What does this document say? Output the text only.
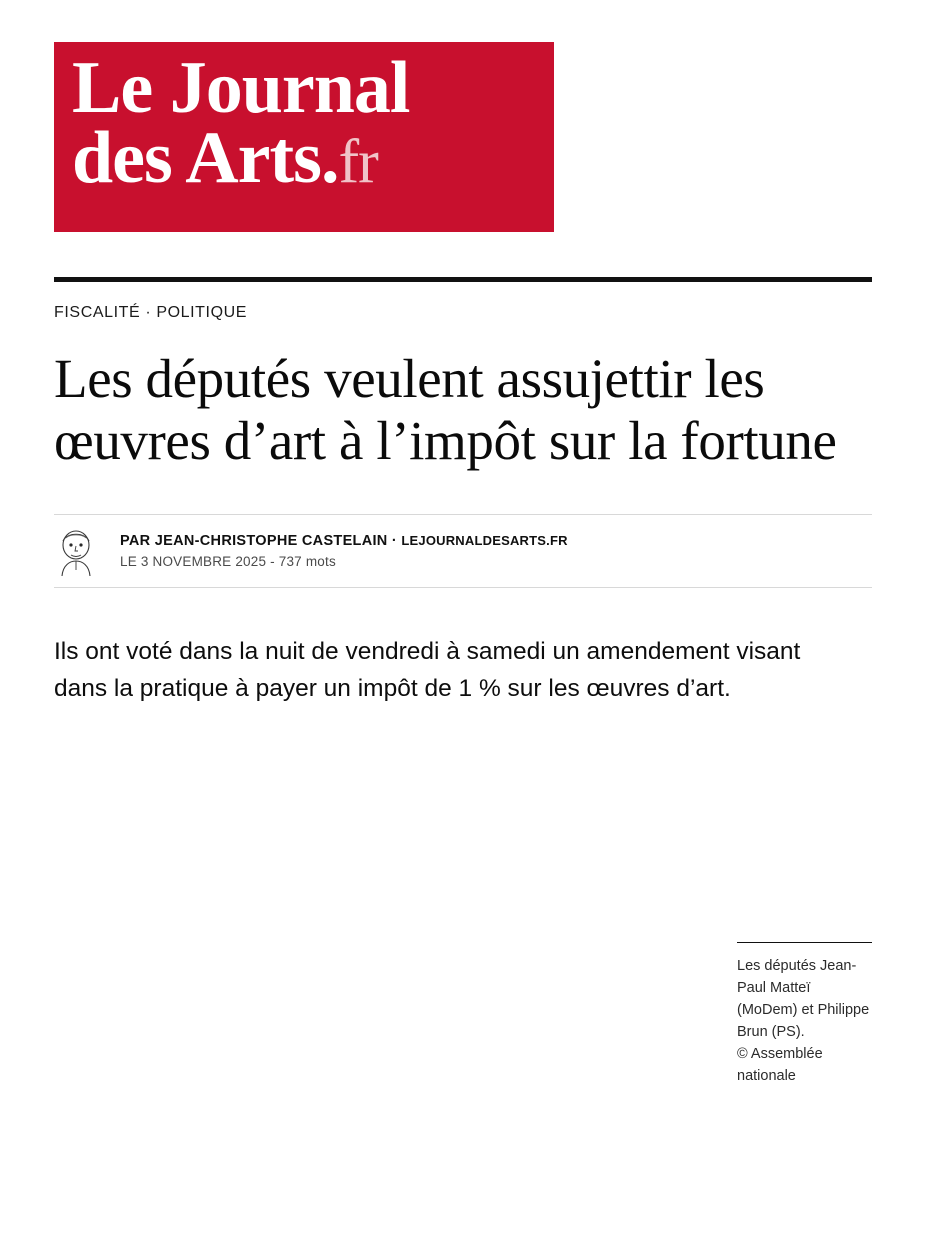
Le Journal
des Arts.fr
FISCALITÉ · POLITIQUE
Les députés veulent assujettir les œuvres d’art à l’impôt sur la fortune
PAR JEAN-CHRISTOPHE CASTELAIN · LEJOURNALDESARTS.FR
LE 3 NOVEMBRE 2025 - 737 mots

Ils ont voté dans la nuit de vendredi à samedi un amendement visant dans la pratique à payer un impôt de 1 % sur les œuvres d’art.

Les députés Jean-Paul Matteï (MoDem) et Philippe Brun (PS).
© Assemblée nationale
